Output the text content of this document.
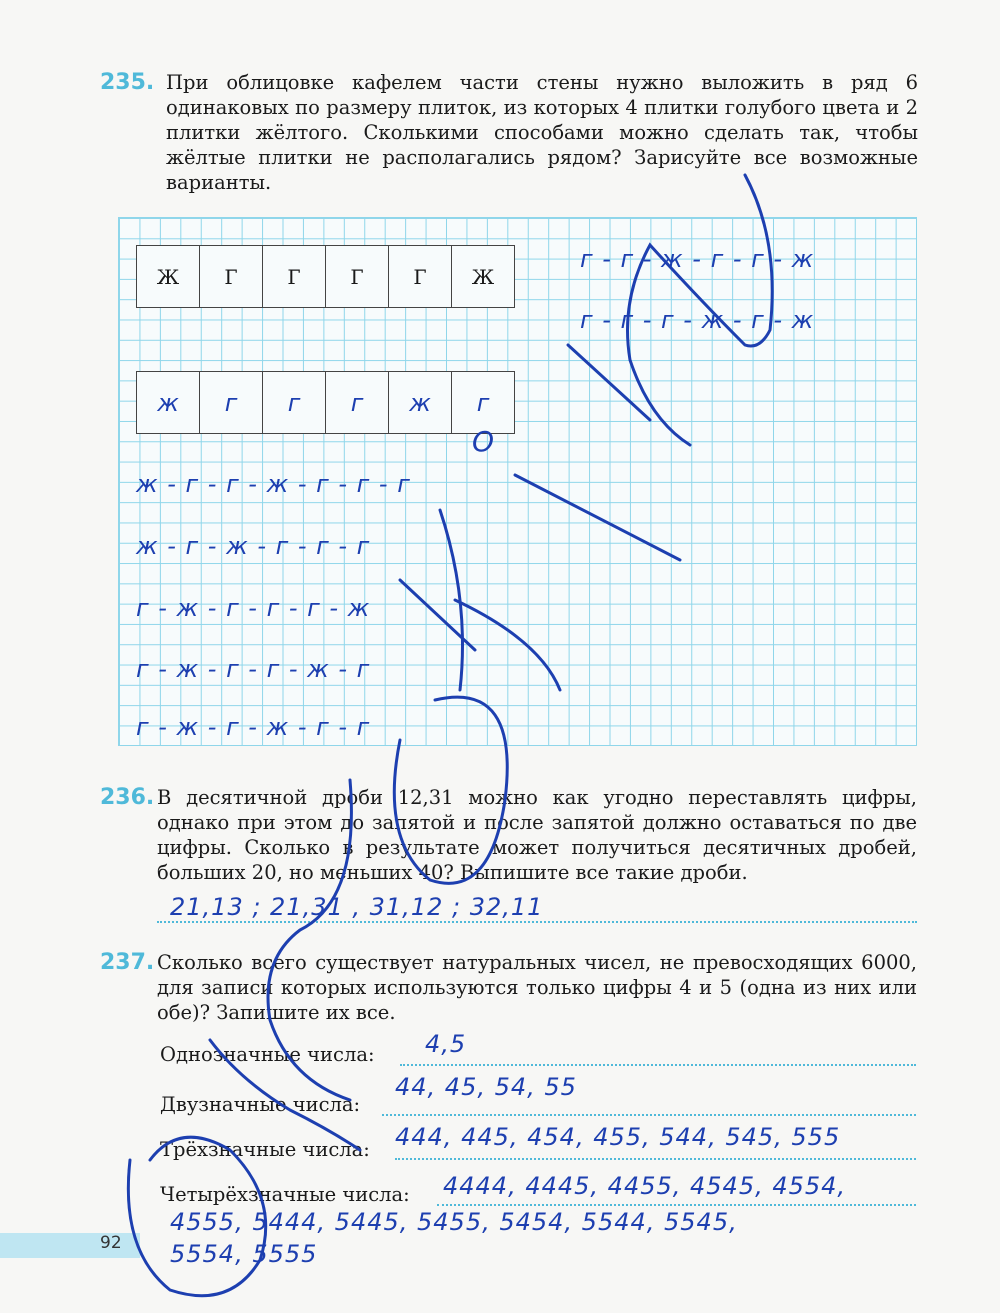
235. При облицовке кафелем части стены нужно выложить в ряд 6 одинаковых по размеру плиток, из которых 4 плитки голубого цвета и 2 плитки жёлтого. Сколькими способами можно сделать так, чтобы жёлтые плитки не располагались рядом? Зарисуйте все возможные варианты.
Ж	Г	Г	Г	Г	Ж
ж	г	г	г	ж	г
г - г - ж - г - г - ж
г - г - г - ж - г - ж
О
ж - г - г - ж - г - г - г
ж - г - ж - г - г - г
г - ж - г - г - г - ж
г - ж - г - г - ж - г
г - ж - г - ж - г - г
236. В десятичной дроби 12,31 можно как угодно переставлять цифры, однако при этом до запятой и после запятой должно оставаться по две цифры. Сколько в результате может получиться десятичных дробей, больших 20, но меньших 40? Выпишите все такие дроби.
21,13 ; 21,31 , 31,12 ; 32,11
237. Сколько всего существует натуральных чисел, не превосходящих 6000, для записи которых используются только цифры 4 и 5 (одна из них или обе)? Запишите их все.
Однозначные числа: 4,5
Двузначные числа:
44, 45, 54, 55
Трёхзначные числа: 444, 445, 454, 455, 544, 545, 555
Четырёхзначные числа: 4444, 4445, 4455, 4545, 4554,
4555, 5444, 5445, 5455, 5454, 5544, 5545,
5554, 5555
92
